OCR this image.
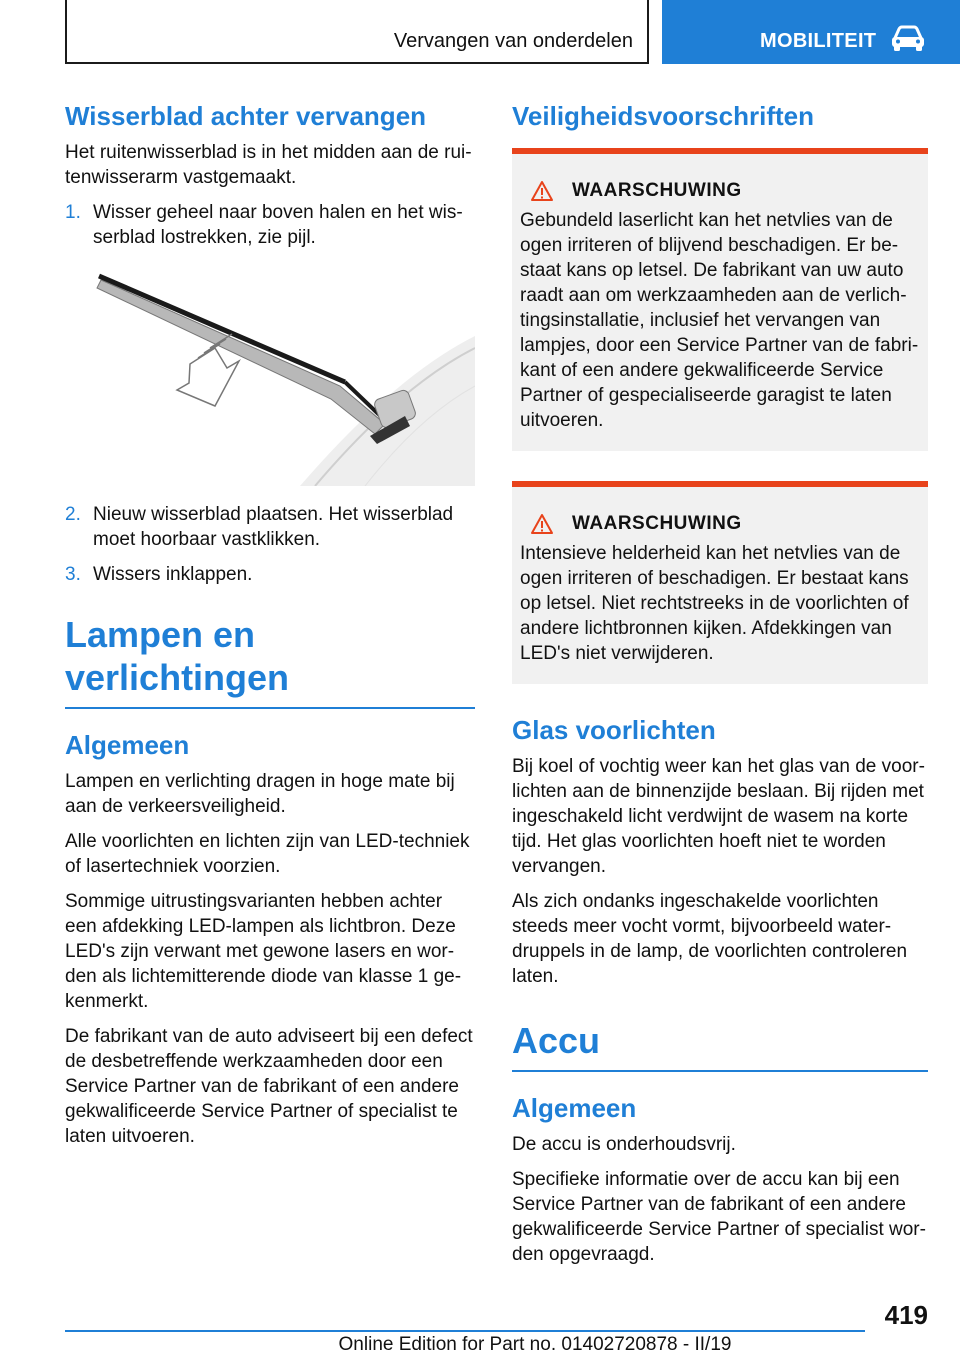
Vervangen van onderdelen	MOBILITEIT
Wisserblad achter vervangen

Het ruitenwisserblad is in het midden aan de rui-tenwisserarm vastgemaakt.

1. Wisser geheel naar boven halen en het wis-serblad lostrekken, zie pijl.
2. Nieuw wisserblad plaatsen. Het wisserblad moet hoorbaar vastklikken.
3. Wissers inklappen.
Lampen en verlichtingen
Algemeen

Lampen en verlichting dragen in hoge mate bij aan de verkeersveiligheid.

Alle voorlichten en lichten zijn van LED-techniek of lasertechniek voorzien.

Sommige uitrustingsvarianten hebben achter een afdekking LED-lampen als lichtbron. Deze LED's zijn verwant met gewone lasers en wor-den als lichtemitterende diode van klasse 1 ge-kenmerkt.

De fabrikant van de auto adviseert bij een defect de desbetreffende werkzaamheden door een Service Partner van de fabrikant of een andere gekwalificeerde Service Partner of specialist te laten uitvoeren.

Veiligheidsvoorschriften
WAARSCHUWING

Gebundeld laserlicht kan het netvlies van de ogen irriteren of blijvend beschadigen. Er be-staat kans op letsel. De fabrikant van uw auto raadt aan om werkzaamheden aan de verlich-tingsinstallatie, inclusief het vervangen van lampjes, door een Service Partner van de fabri-kant of een andere gekwalificeerde Service Partner of gespecialiseerde garagist te laten uitvoeren.

WAARSCHUWING

Intensieve helderheid kan het netvlies van de ogen irriteren of beschadigen. Er bestaat kans op letsel. Niet rechtstreeks in de voorlichten of andere lichtbronnen kijken. Afdekkingen van LED's niet verwijderen.

Glas voorlichten

Bij koel of vochtig weer kan het glas van de voor-lichten aan de binnenzijde beslaan. Bij rijden met ingeschakeld licht verdwijnt de wasem na korte tijd. Het glas voorlichten hoeft niet te worden vervangen.

Als zich ondanks ingeschakelde voorlichten steeds meer vocht vormt, bijvoorbeeld water-druppels in de lamp, de voorlichten controleren laten.

Accu
Algemeen

De accu is onderhoudsvrij.

Specifieke informatie over de accu kan bij een Service Partner van de fabrikant of een andere gekwalificeerde Service Partner of specialist wor-den opgevraagd.

419
Online Edition for Part no. 01402720878 - II/19
